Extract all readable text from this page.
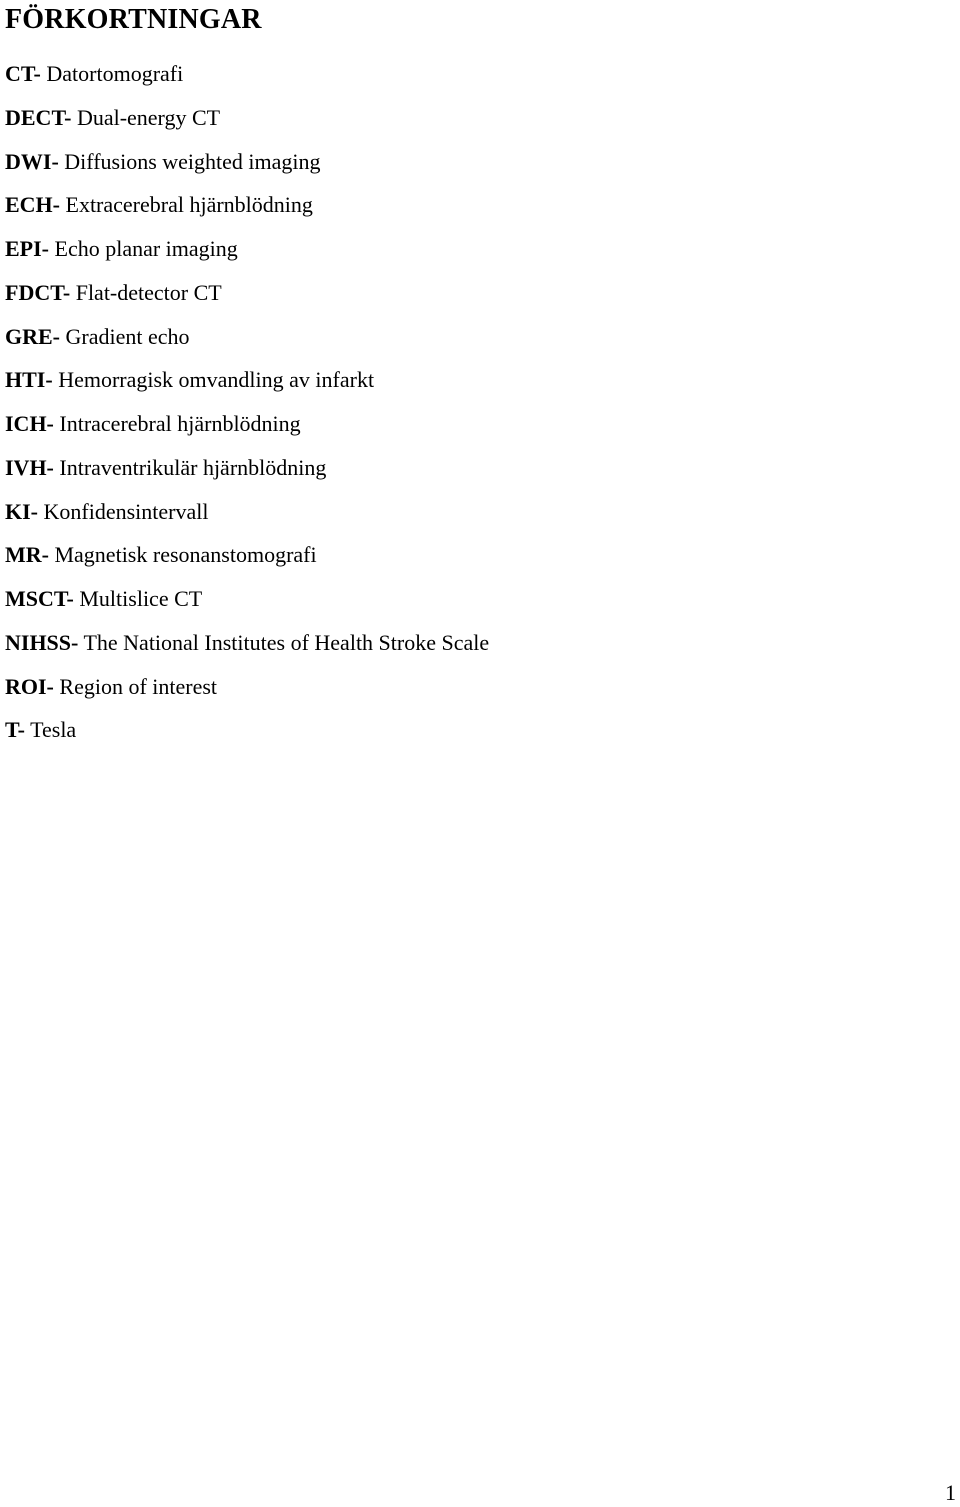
FÖRKORTNINGAR
CT- Datortomografi
DECT- Dual-energy CT
DWI- Diffusions weighted imaging
ECH- Extracerebral hjärnblödning
EPI- Echo planar imaging
FDCT- Flat-detector CT
GRE- Gradient echo
HTI- Hemorragisk omvandling av infarkt
ICH- Intracerebral hjärnblödning
IVH- Intraventrikulär hjärnblödning
KI- Konfidensintervall
MR- Magnetisk resonanstomografi
MSCT- Multislice CT
NIHSS- The National Institutes of Health Stroke Scale
ROI- Region of interest
T- Tesla
1
